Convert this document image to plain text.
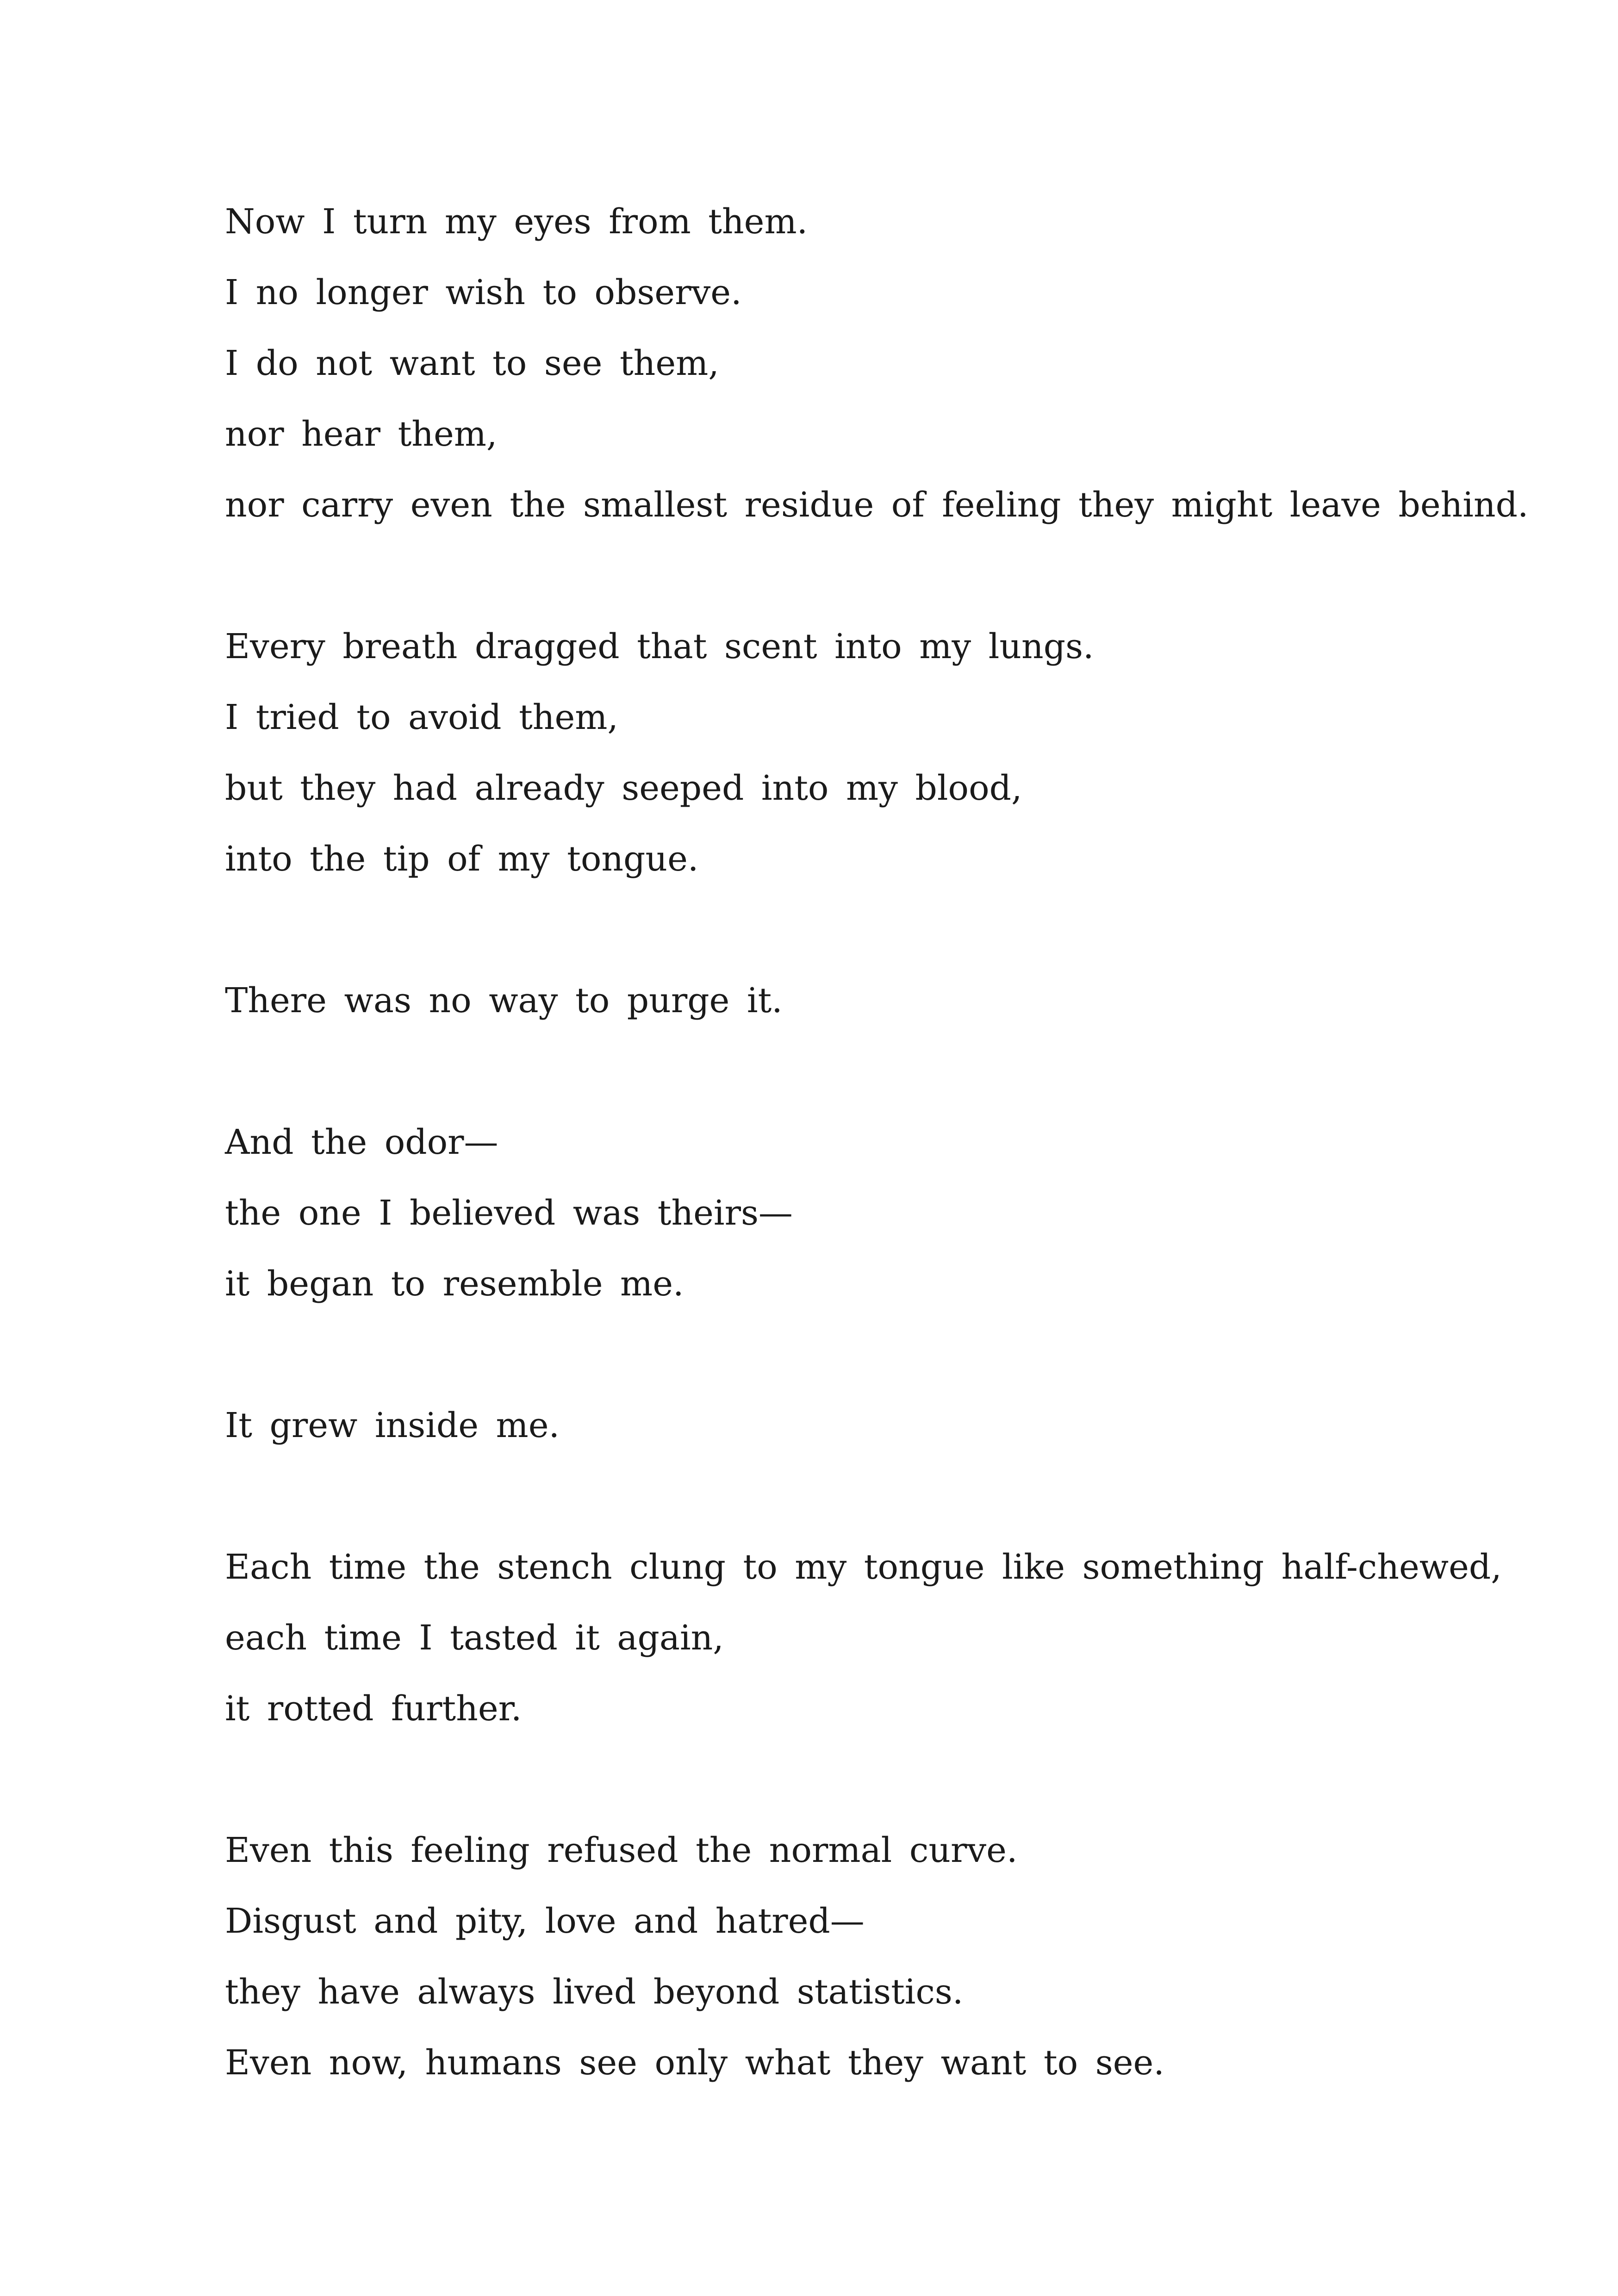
Now I turn my eyes from them.
I no longer wish to observe.
I do not want to see them,
nor hear them,
nor carry even the smallest residue of feeling they might leave behind.
Every breath dragged that scent into my lungs.
I tried to avoid them,
but they had already seeped into my blood,
into the tip of my tongue.
There was no way to purge it.
And the odor—
the one I believed was theirs—
it began to resemble me.
It grew inside me.
Each time the stench clung to my tongue like something half-chewed,
each time I tasted it again,
it rotted further.
Even this feeling refused the normal curve.
Disgust and pity, love and hatred—
they have always lived beyond statistics.
Even now, humans see only what they want to see.
